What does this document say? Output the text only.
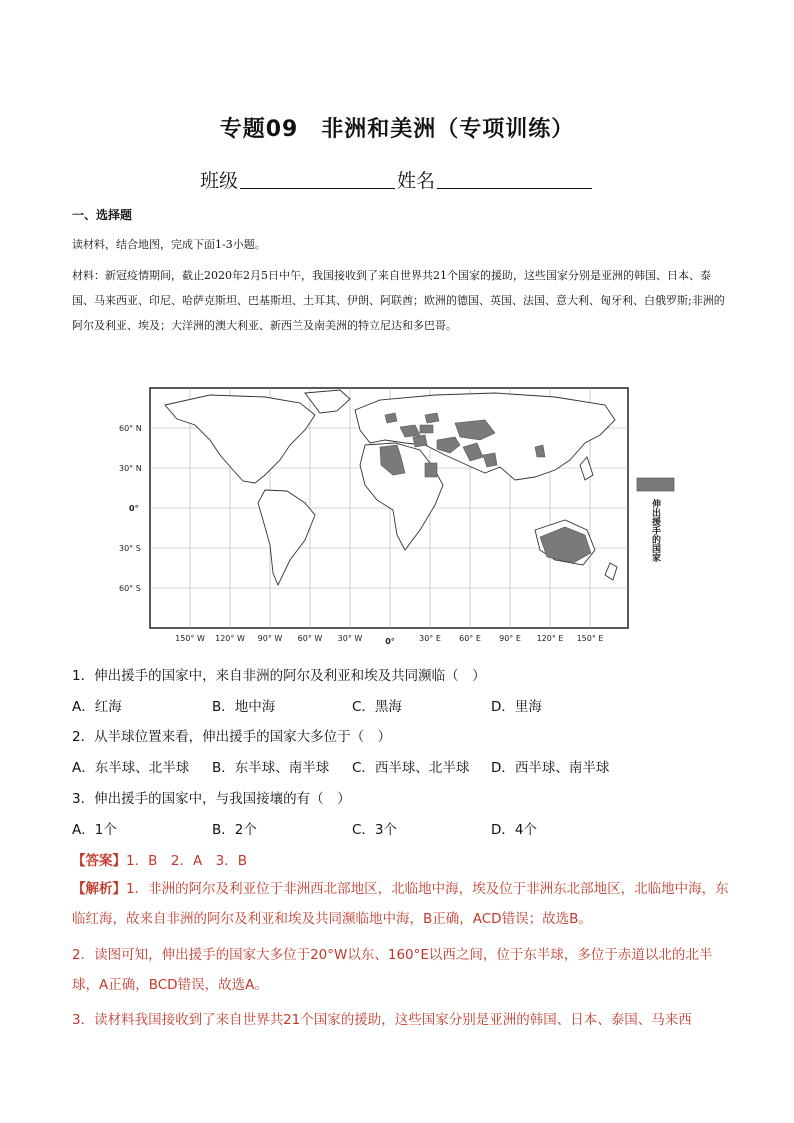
专题09　非洲和美洲（专项训练）
班级	姓名
一、选择题
读材料，结合地图，完成下面1-3小题。
材料：新冠疫情期间，截止2020年2月5日中午，我国接收到了来自世界共21个国家的援助，这些国家分别是亚洲的韩国、日本、泰国、马来西亚、印尼、哈萨克斯坦、巴基斯坦、土耳其、伊朗、阿联酋；欧洲的德国、英国、法国、意大利、匈牙利、白俄罗斯;非洲的阿尔及利亚、埃及；大洋洲的澳大利亚、新西兰及南美洲的特立尼达和多巴哥。
60° N
30° N
0°
30° S
60° S
150° W 120° W 90° W 60° W 30° W	0°	30° E 60° E 90° E 120° E 150° E
伸出援手的国家
1．伸出援手的国家中，来自非洲的阿尔及利亚和埃及共同濒临（　）
A．红海	B．地中海	C．黑海	D．里海
2．从半球位置来看，伸出援手的国家大多位于（　）
A．东半球、北半球 B．东半球、南半球 C．西半球、北半球 D．西半球、南半球
3．伸出援手的国家中，与我国接壤的有（　）
A．1个	B．2个	C．3个	D．4个
【答案】1．B　2．A　3．B
【解析】1．非洲的阿尔及利亚位于非洲西北部地区，北临地中海，埃及位于非洲东北部地区，北临地中海，东临红海，故来自非洲的阿尔及利亚和埃及共同濒临地中海，B正确，ACD错误；故选B。
2．读图可知，伸出援手的国家大多位于20°W以东、160°E以西之间，位于东半球，多位于赤道以北的北半球，A正确，BCD错误，故选A。
3．读材料我国接收到了来自世界共21个国家的援助，这些国家分别是亚洲的韩国、日本、泰国、马来西
